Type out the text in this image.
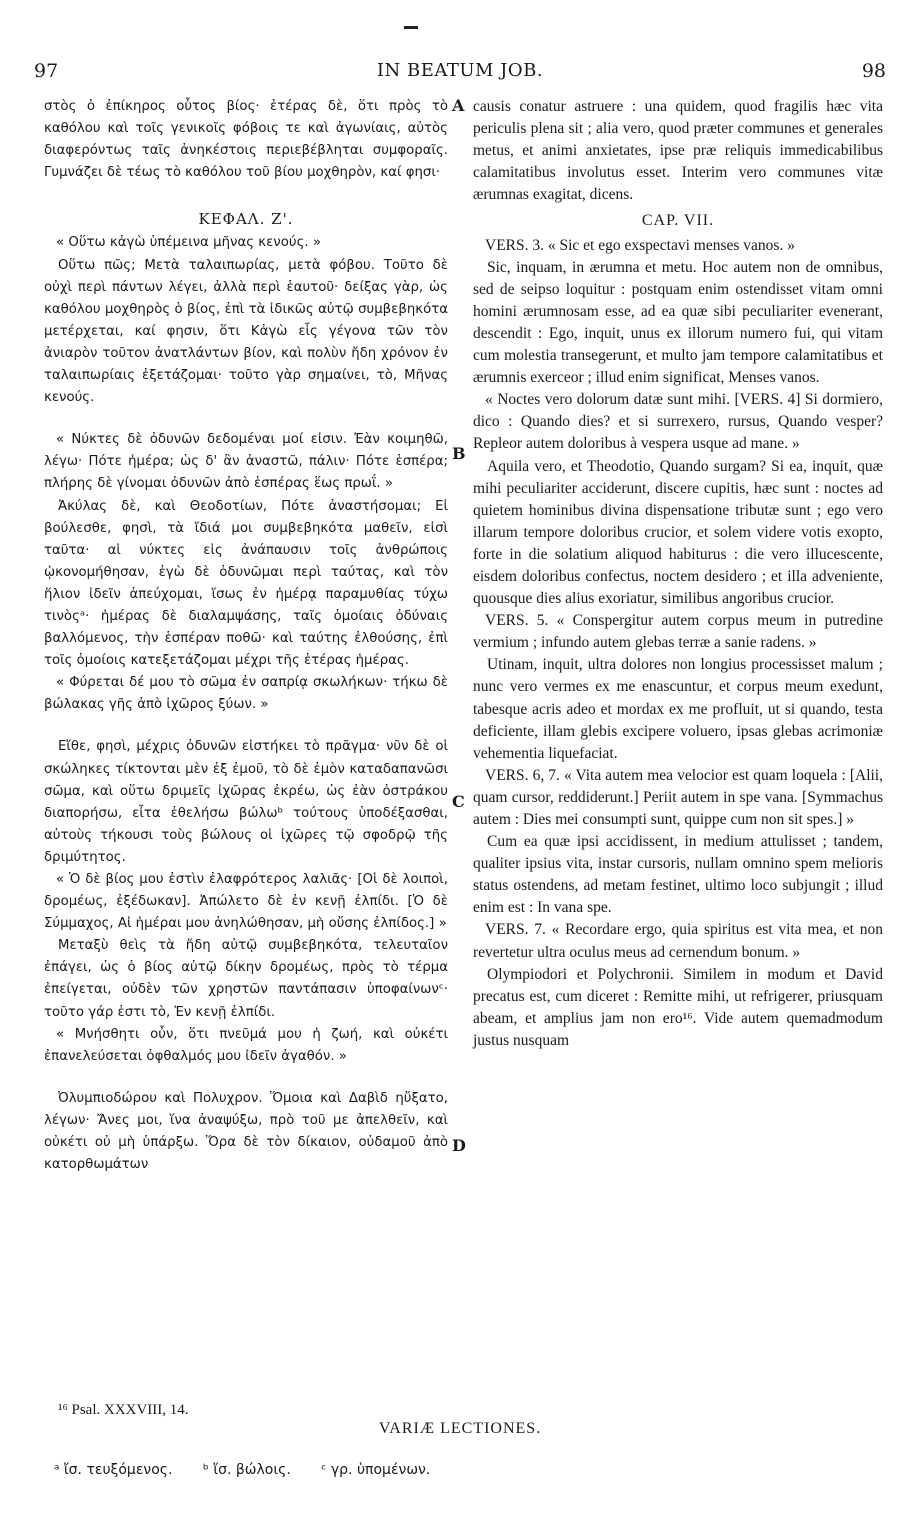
97	IN BEATUM JOB.	98

στὸς ὁ ἐπίκηρος οὗτος βίος· ἑτέρας δὲ, ὅτι πρὸς τὸ καθόλου καὶ τοῖς γενικοῖς φόβοις τε καὶ ἀγωνίαις, αὐτὸς διαφερόντως ταῖς ἀνηκέστοις περιεβέβληται συμφοραῖς. Γυμνάζει δὲ τέως τὸ καθόλου τοῦ βίου μοχθηρὸν, καί φησι·

ΚΕΦΑΛ. Ζ'.

« Οὕτω κἀγὼ ὑπέμεινα μῆνας κενούς. »

Οὕτω πῶς; Μετὰ ταλαιπωρίας, μετὰ φόβου. Τοῦτο δὲ οὐχὶ περὶ πάντων λέγει, ἀλλὰ περὶ ἑαυτοῦ· δείξας γὰρ, ὡς καθόλου μοχθηρὸς ὁ βίος, ἐπὶ τὰ ἰδικῶς αὐτῷ συμβεβηκότα μετέρχεται, καί φησιν, ὅτι Κἀγὼ εἷς γέγονα τῶν τὸν ἀνιαρὸν τοῦτον ἀνατλάντων βίον, καὶ πολὺν ἤδη χρόνον ἐν ταλαιπωρίαις ἐξετάζομαι· τοῦτο γὰρ σημαίνει, τὸ, Μῆνας κενούς.

« Νύκτες δὲ ὀδυνῶν δεδομέναι μοί εἰσιν. Ἐὰν κοιμηθῶ, λέγω· Πότε ἡμέρα; ὡς δ' ἂν ἀναστῶ, πάλιν· Πότε ἑσπέρα; πλήρης δὲ γίνομαι ὀδυνῶν ἀπὸ ἑσπέρας ἕως πρωΐ. »

Ἀκύλας δὲ, καὶ Θεοδοτίων, Πότε ἀναστήσομαι; Εἰ βούλεσθε, φησὶ, τὰ ἴδιά μοι συμβεβηκότα μαθεῖν, εἰσὶ ταῦτα· αἱ νύκτες εἰς ἀνάπαυσιν τοῖς ἀνθρώποις ᾠκονομήθησαν, ἐγὼ δὲ ὀδυνῶμαι περὶ ταύτας, καὶ τὸν ἥλιον ἰδεῖν ἀπεύχομαι, ἴσως ἐν ἡμέρᾳ παραμυθίας τύχω τινὸςᵃ· ἡμέρας δὲ διαλαμψάσης, ταῖς ὁμοίαις ὀδύναις βαλλόμενος, τὴν ἑσπέραν ποθῶ· καὶ ταύτης ἐλθούσης, ἐπὶ τοῖς ὁμοίοις κατεξετάζομαι μέχρι τῆς ἑτέρας ἡμέρας.

« Φύρεται δέ μου τὸ σῶμα ἐν σαπρίᾳ σκωλήκων· τήκω δὲ βώλακας γῆς ἀπὸ ἰχῶρος ξύων. »

Εἴθε, φησὶ, μέχρις ὀδυνῶν εἱστήκει τὸ πρᾶγμα· νῦν δὲ οἱ σκώληκες τίκτονται μὲν ἐξ ἐμοῦ, τὸ δὲ ἐμὸν καταδαπανῶσι σῶμα, καὶ οὕτω δριμεῖς ἰχῶρας ἐκρέω, ὡς ἐὰν ὀστράκου διαπορήσω, εἶτα ἐθελήσω βώλωᵇ τούτους ὑποδέξασθαι, αὐτοὺς τήκουσι τοὺς βώλους οἱ ἰχῶρες τῷ σφοδρῷ τῆς δριμύτητος.

« Ὁ δὲ βίος μου ἐστὶν ἐλαφρότερος λαλιᾶς· [Οἱ δὲ λοιποὶ, δρομέως, ἐξέδωκαν]. Ἀπώλετο δὲ ἐν κενῇ ἐλπίδι. [Ὁ δὲ Σύμμαχος, Αἱ ἡμέραι μου ἀνηλώθησαν, μὴ οὔσης ἐλπίδος.] »

Μεταξὺ θεὶς τὰ ἤδη αὐτῷ συμβεβηκότα, τελευταῖον ἐπάγει, ὡς ὁ βίος αὐτῷ δίκην δρομέως, πρὸς τὸ τέρμα ἐπείγεται, οὐδὲν τῶν χρηστῶν παντάπασιν ὑποφαίνωνᶜ· τοῦτο γάρ ἐστι τὸ, Ἐν κενῇ ἐλπίδι.

« Μνήσθητι οὖν, ὅτι πνεῦμά μου ἡ ζωή, καὶ οὐκέτι ἐπανελεύσεται ὀφθαλμός μου ἰδεῖν ἀγαθόν. »

Ὀλυμπιοδώρου καὶ Πολυχρον. Ὅμοια καὶ Δαβὶδ ηὔξατο, λέγων· Ἄνες μοι, ἵνα ἀναψύξω, πρὸ τοῦ με ἀπελθεῖν, καὶ οὐκέτι οὐ μὴ ὑπάρξω. Ὅρα δὲ τὸν δίκαιον, οὐδαμοῦ ἀπὸ κατορθωμάτων

causis conatur astruere : una quidem, quod fragilis hæc vita periculis plena sit ; alia vero, quod præter communes et generales metus, et animi anxietates, ipse præ reliquis immedicabilibus calamitatibus involutus esset. Interim vero communes vitæ ærumnas exagitat, dicens.

CAP. VII.

VERS. 3. « Sic et ego exspectavi menses vanos. »

Sic, inquam, in ærumna et metu. Hoc autem non de omnibus, sed de seipso loquitur : postquam enim ostendisset vitam omni homini ærumnosam esse, ad ea quæ sibi peculiariter evenerant, descendit : Ego, inquit, unus ex illorum numero fui, qui vitam cum molestia transegerunt, et multo jam tempore calamitatibus et ærumnis exerceor ; illud enim significat, Menses vanos.

« Noctes vero dolorum datæ sunt mihi. [VERS. 4] Si dormiero, dico : Quando dies? et si surrexero, rursus, Quando vesper? Repleor autem doloribus à vespera usque ad mane. »

Aquila vero, et Theodotio, Quando surgam? Si ea, inquit, quæ mihi peculiariter acciderunt, discere cupitis, hæc sunt : noctes ad quietem hominibus divina dispensatione tributæ sunt ; ego vero illarum tempore doloribus crucior, et solem videre votis exopto, forte in die solatium aliquod habiturus : die vero illucescente, eisdem doloribus confectus, noctem desidero ; et illa adveniente, quousque dies alius exoriatur, similibus angoribus crucior.

VERS. 5. « Conspergitur autem corpus meum in putredine vermium ; infundo autem glebas terræ a sanie radens. »

Utinam, inquit, ultra dolores non longius processisset malum ; nunc vero vermes ex me enascuntur, et corpus meum exedunt, tabesque acris adeo et mordax ex me profluit, ut si quando, testa deficiente, illam glebis excipere voluero, ipsas glebas acrimoniæ vehementia liquefaciat.

VERS. 6, 7. « Vita autem mea velocior est quam loquela : [Alii, quam cursor, reddiderunt.] Periit autem in spe vana. [Symmachus autem : Dies mei consumpti sunt, quippe cum non sit spes.] »

Cum ea quæ ipsi accidissent, in medium attulisset ; tandem, qualiter ipsius vita, instar cursoris, nullam omnino spem melioris status ostendens, ad metam festinet, ultimo loco subjungit ; illud enim est : In vana spe.

VERS. 7. « Recordare ergo, quia spiritus est vita mea, et non revertetur ultra oculus meus ad cernendum bonum. »

Olympiodori et Polychronii. Similem in modum et David precatus est, cum diceret : Remitte mihi, ut refrigerer, priusquam abeam, et amplius jam non ero¹⁶. Vide autem quemadmodum justus nusquam

A
B
C
D
¹⁶ Psal. XXXVIII, 14.
VARIÆ LECTIONES.
ᵃ ἴσ. τευξόμενος. ᵇ ἴσ. βώλοις. ᶜ γρ. ὑπομένων.
